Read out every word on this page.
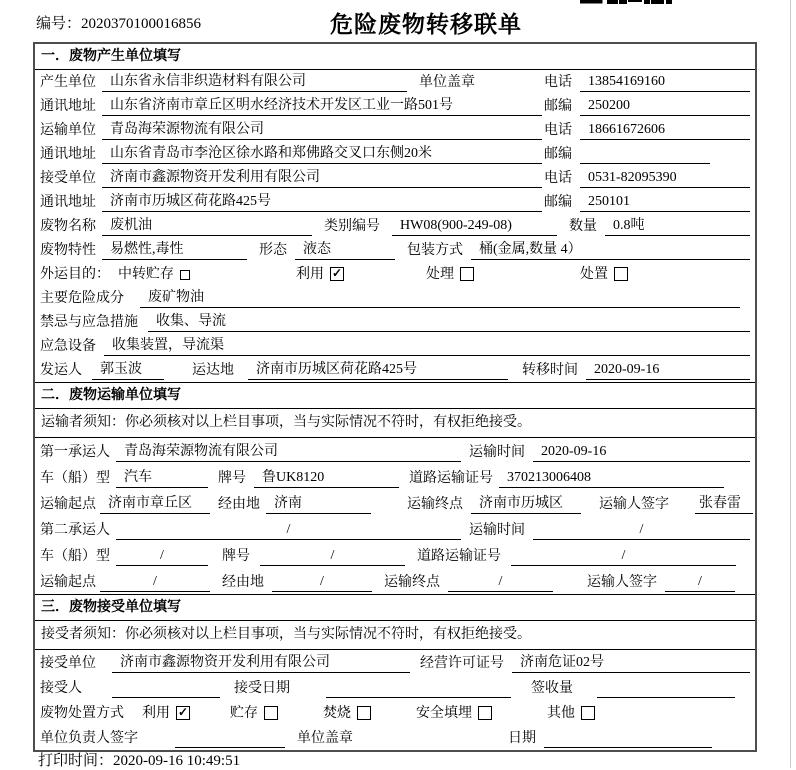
编号：2020370100016856	危险废物转移联单
一．废物产生单位填写
产生单位	山东省永信非织造材料有限公司	单位盖章	电话	13854169160
通讯地址	山东省济南市章丘区明水经济技术开发区工业一路501号	邮编	250200
运输单位	青岛海荣源物流有限公司	电话	18661672606
通讯地址	山东省青岛市李沧区徐水路和郑佛路交叉口东侧20米	邮编
接受单位	济南市鑫源物资开发利用有限公司	电话	0531-82095390
通讯地址	济南市历城区荷花路425号	邮编	250101
废物名称	废机油	类别编号	HW08(900-249-08)	数量	0.8吨
废物特性	易燃性,毒性	形态	液态	包装方式	桶(金属,数量 4）
外运目的： 中转贮存	利用 ✓	处理	处置
主要危险成分	废矿物油
禁忌与应急措施	收集、导流
应急设备	收集装置，导流渠
发运人	郭玉波	运达地	济南市历城区荷花路425号	转移时间	2020-09-16
二．废物运输单位填写
运输者须知：你必须核对以上栏目事项，当与实际情况不符时，有权拒绝接受。
第一承运人	青岛海荣源物流有限公司	运输时间	2020-09-16
车（船）型	汽车	牌号	鲁UK8120	道路运输证号	370213006408
运输起点 济南市章丘区	经由地	济南	运输终点	济南市历城区	运输人签字 张春雷
第二承运人	/	运输时间	/
车（船）型	/	牌号	/	道路运输证号	/
运输起点	/	经由地	/	运输终点	/	运输人签字	/
三．废物接受单位填写
接受者须知：你必须核对以上栏目事项，当与实际情况不符时，有权拒绝接受。
接受单位	济南市鑫源物资开发利用有限公司	经营许可证号	济南危证02号
接受人	接受日期	签收量
废物处置方式	利用 ✓	贮存	焚烧	安全填埋	其他
单位负责人签字	单位盖章	日期
打印时间：2020-09-16 10:49:51
